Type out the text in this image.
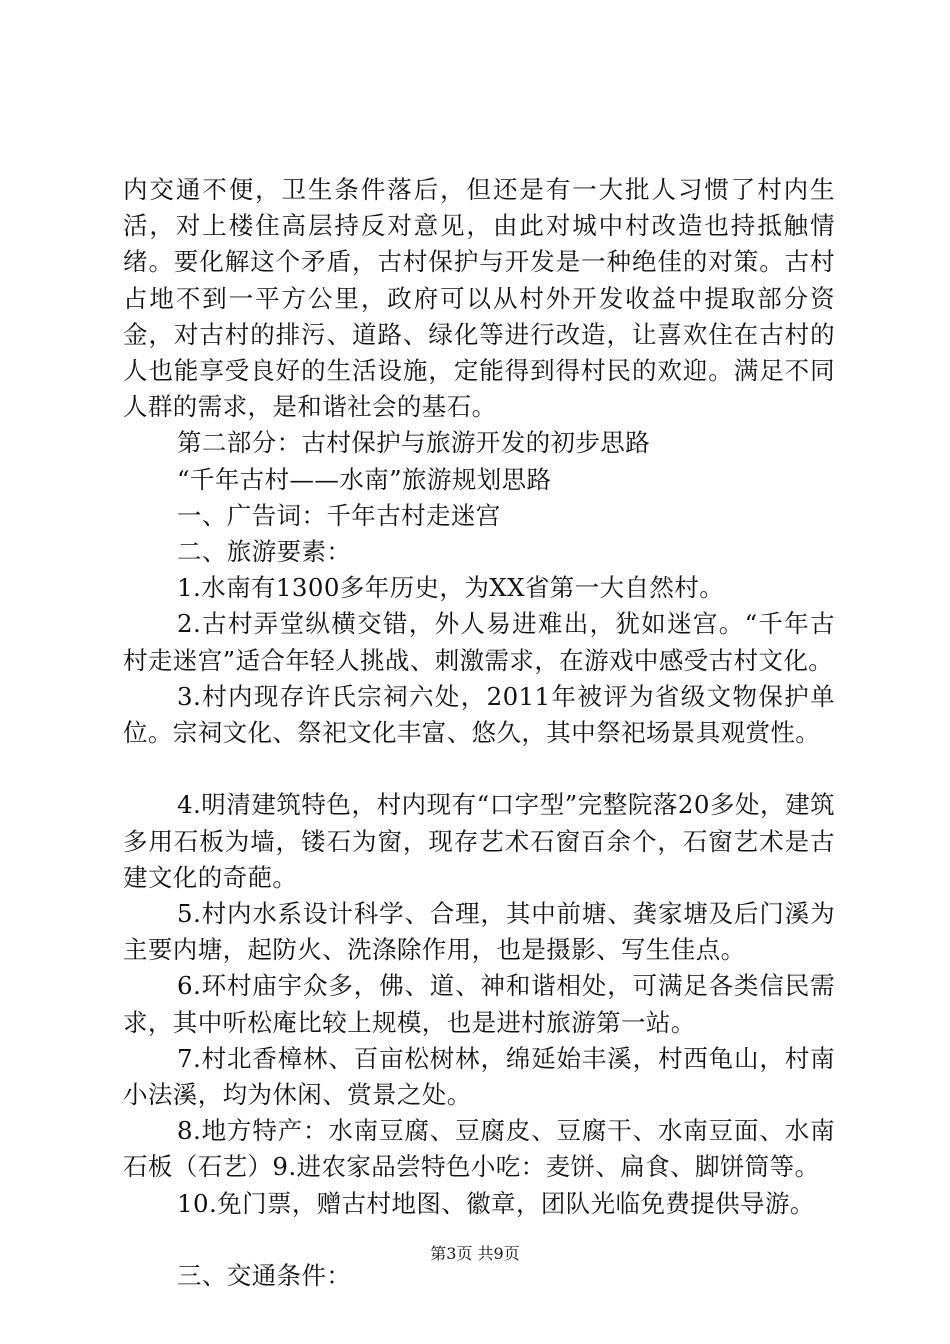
内交通不便，卫生条件落后，但还是有一大批人习惯了村内生活，对上楼住高层持反对意见，由此对城中村改造也持抵触情绪。要化解这个矛盾，古村保护与开发是一种绝佳的对策。古村占地不到一平方公里，政府可以从村外开发收益中提取部分资金，对古村的排污、道路、绿化等进行改造，让喜欢住在古村的人也能享受良好的生活设施，定能得到得村民的欢迎。满足不同人群的需求，是和谐社会的基石。

第二部分：古村保护与旅游开发的初步思路

“千年古村——水南”旅游规划思路

一、广告词：千年古村走迷宫

二、旅游要素：

1.水南有1300多年历史，为XX省第一大自然村。

2.古村弄堂纵横交错，外人易进难出，犹如迷宫。“千年古村走迷宫”适合年轻人挑战、刺激需求，在游戏中感受古村文化。

3.村内现存许氏宗祠六处，2011年被评为省级文物保护单位。宗祠文化、祭祀文化丰富、悠久，其中祭祀场景具观赏性。

4.明清建筑特色，村内现有“口字型”完整院落20多处，建筑多用石板为墙，镂石为窗，现存艺术石窗百余个，石窗艺术是古建文化的奇葩。

5.村内水系设计科学、合理，其中前塘、龚家塘及后门溪为主要内塘，起防火、洗涤除作用，也是摄影、写生佳点。

6.环村庙宇众多，佛、道、神和谐相处，可满足各类信民需求，其中听松庵比较上规模，也是进村旅游第一站。

7.村北香樟林、百亩松树林，绵延始丰溪，村西龟山，村南小法溪，均为休闲、赏景之处。

8.地方特产：水南豆腐、豆腐皮、豆腐干、水南豆面、水南石板（石艺）9.进农家品尝特色小吃：麦饼、扁食、脚饼筒等。

10.免门票，赠古村地图、徽章，团队光临免费提供导游。

三、交通条件：

第3页 共9页
